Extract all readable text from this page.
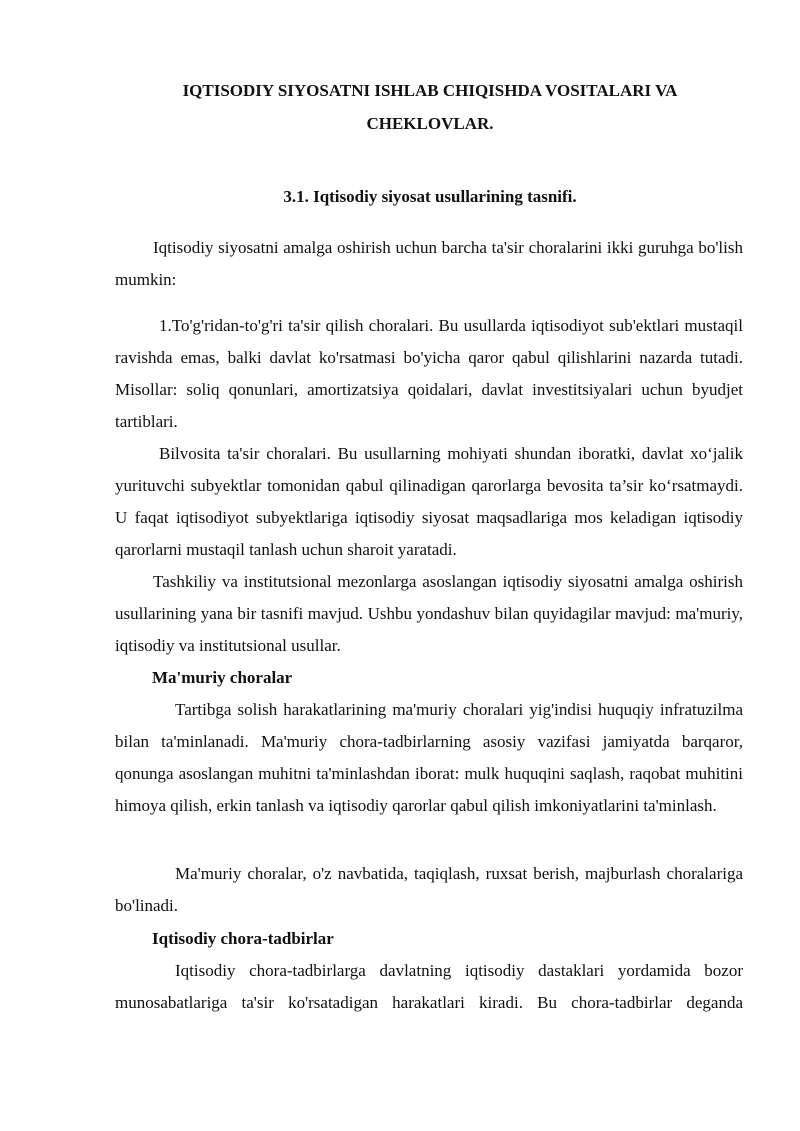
IQTISODIY SIYOSATNI ISHLAB CHIQISHDA VOSITALARI VA
CHEKLOVLAR.
3.1. Iqtisodiy siyosat usullarining tasnifi.

Iqtisodiy siyosatni amalga oshirish uchun barcha ta'sir choralarini ikki guruhga bo'lish mumkin:

1.To'g'ridan-to'g'ri ta'sir qilish choralari. Bu usullarda iqtisodiyot sub'ektlari mustaqil ravishda emas, balki davlat ko'rsatmasi bo'yicha qaror qabul qilishlarini nazarda tutadi. Misollar: soliq qonunlari, amortizatsiya qoidalari, davlat investitsiyalari uchun byudjet tartiblari.

Bilvosita ta'sir choralari. Bu usullarning mohiyati shundan iboratki, davlat xo‘jalik yurituvchi subyektlar tomonidan qabul qilinadigan qarorlarga bevosita ta’sir ko‘rsatmaydi. U faqat iqtisodiyot subyektlariga iqtisodiy siyosat maqsadlariga mos keladigan iqtisodiy qarorlarni mustaqil tanlash uchun sharoit yaratadi.

Tashkiliy va institutsional mezonlarga asoslangan iqtisodiy siyosatni amalga oshirish usullarining yana bir tasnifi mavjud. Ushbu yondashuv bilan quyidagilar mavjud: ma'muriy, iqtisodiy va institutsional usullar.

Ma'muriy choralar

Tartibga solish harakatlarining ma'muriy choralari yig'indisi huquqiy infratuzilma bilan ta'minlanadi. Ma'muriy chora-tadbirlarning asosiy vazifasi jamiyatda barqaror, qonunga asoslangan muhitni ta'minlashdan iborat: mulk huquqini saqlash, raqobat muhitini himoya qilish, erkin tanlash va iqtisodiy qarorlar qabul qilish imkoniyatlarini ta'minlash.

Ma'muriy choralar, o'z navbatida, taqiqlash, ruxsat berish, majburlash choralariga bo'linadi.

Iqtisodiy chora-tadbirlar

Iqtisodiy chora-tadbirlarga davlatning iqtisodiy dastaklari yordamida bozor munosabatlariga ta'sir ko'rsatadigan harakatlari kiradi. Bu chora-tadbirlar deganda
